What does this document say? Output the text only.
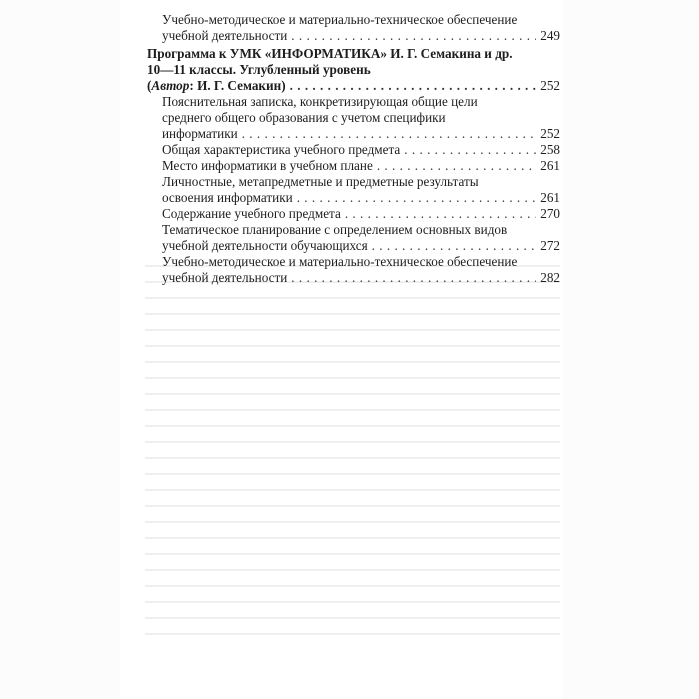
Учебно-методическое и материально-техническое обеспечение
учебной деятельности . . .	249
Программа к УМК «ИНФОРМАТИКА» И. Г. Семакина и др.
10—11 классы. Углубленный уровень
(Автор: И. Г. Семакин) . . .	252
Пояснительная записка, конкретизирующая общие цели
среднего общего образования с учетом специфики
информатики . . .	252
Общая характеристика учебного предмета . . .	258
Место информатики в учебном плане . . .	261
Личностные, метапредметные и предметные результаты
освоения информатики . . .	261
Содержание учебного предмета . . .	270
Тематическое планирование с определением основных видов
учебной деятельности обучающихся . . .	272
Учебно-методическое и материально-техническое обеспечение
учебной деятельности . . .	282
